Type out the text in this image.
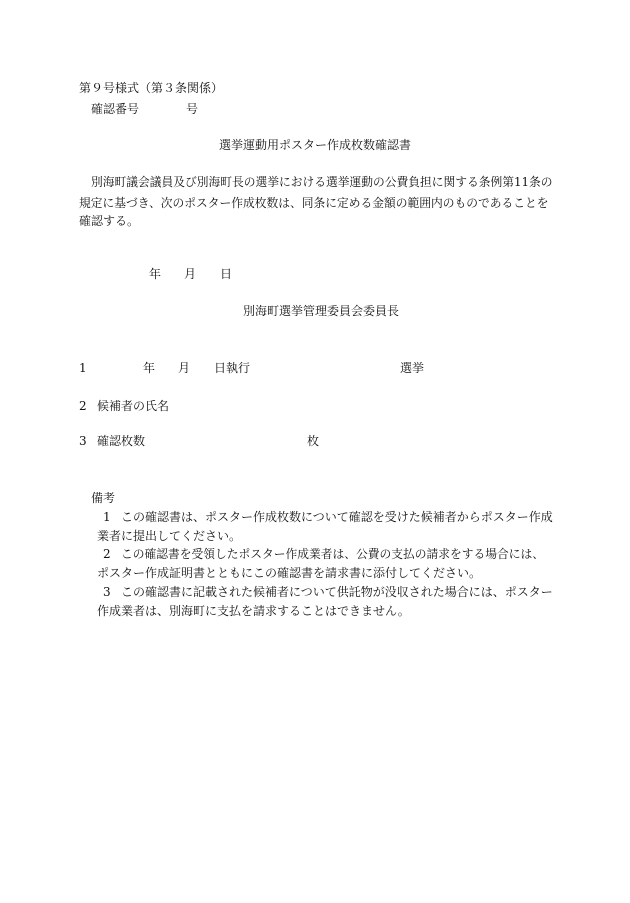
第９号様式（第３条関係）
確認番号	号
選挙運動用ポスター作成枚数確認書
別海町議会議員及び別海町長の選挙における選挙運動の公費負担に関する条例第11条の
規定に基づき、次のポスター作成枚数は、同条に定める金額の範囲内のものであることを
確認する。
年 月 日
別海町選挙管理委員会委員長
1	年 月 日執行	選挙
2 候補者の氏名
3 確認枚数	枚
備考
1 この確認書は、ポスター作成枚数について確認を受けた候補者からポスター作成
業者に提出してください。
2 この確認書を受領したポスター作成業者は、公費の支払の請求をする場合には、
ポスター作成証明書とともにこの確認書を請求書に添付してください。
3 この確認書に記載された候補者について供託物が没収された場合には、ポスター
作成業者は、別海町に支払を請求することはできません。
